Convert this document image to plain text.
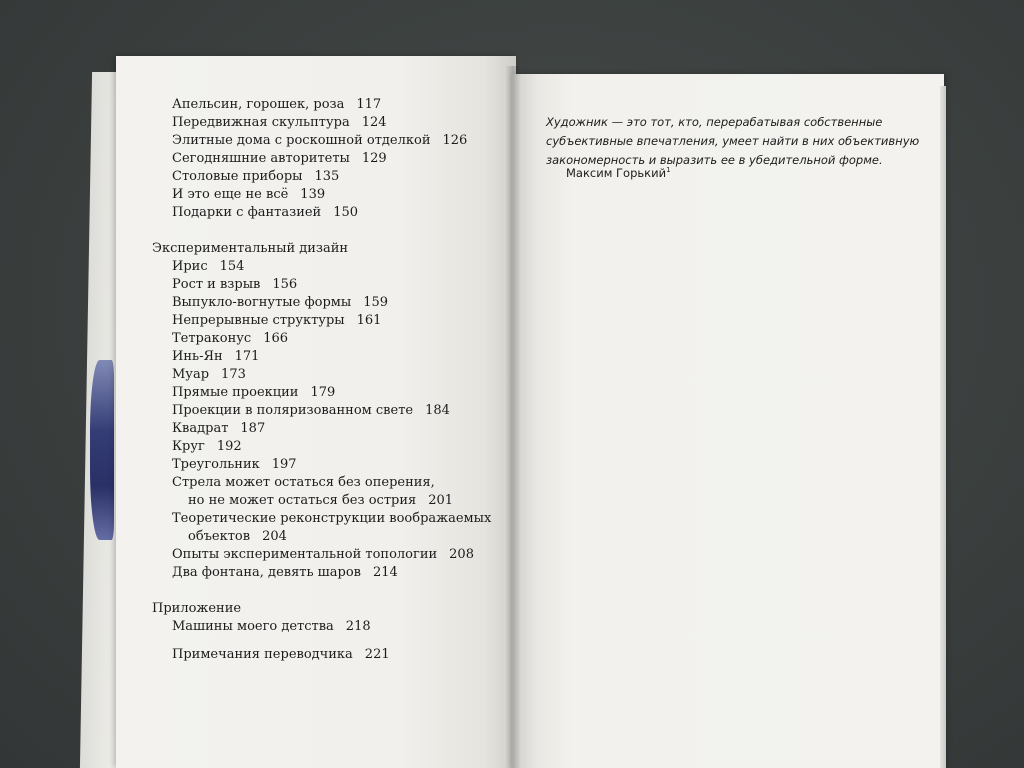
Апельсин, горошек, роза 117
Передвижная скульптура 124
Элитные дома с роскошной отделкой 126
Сегодняшние авторитеты 129
Столовые приборы 135
И это еще не всё 139
Подарки с фантазией 150
Экспериментальный дизайн
Ирис 154
Рост и взрыв 156
Выпукло-вогнутые формы 159
Непрерывные структуры 161
Тетраконус 166
Инь-Ян 171
Муар 173
Прямые проекции 179
Проекции в поляризованном свете 184
Квадрат 187
Круг 192
Треугольник 197
Стрела может остаться без оперения,
но не может остаться без острия 201
Теоретические реконструкции воображаемых
объектов 204
Опыты экспериментальной топологии 208
Два фонтана, девять шаров 214
Приложение
Машины моего детства 218
Примечания переводчика 221
Художник — это тот, кто, перерабатывая собственные субъективные впечатления, умеет найти в них объективную закономерность и выразить ее в убедительной форме.
Максим Горький$^1$
